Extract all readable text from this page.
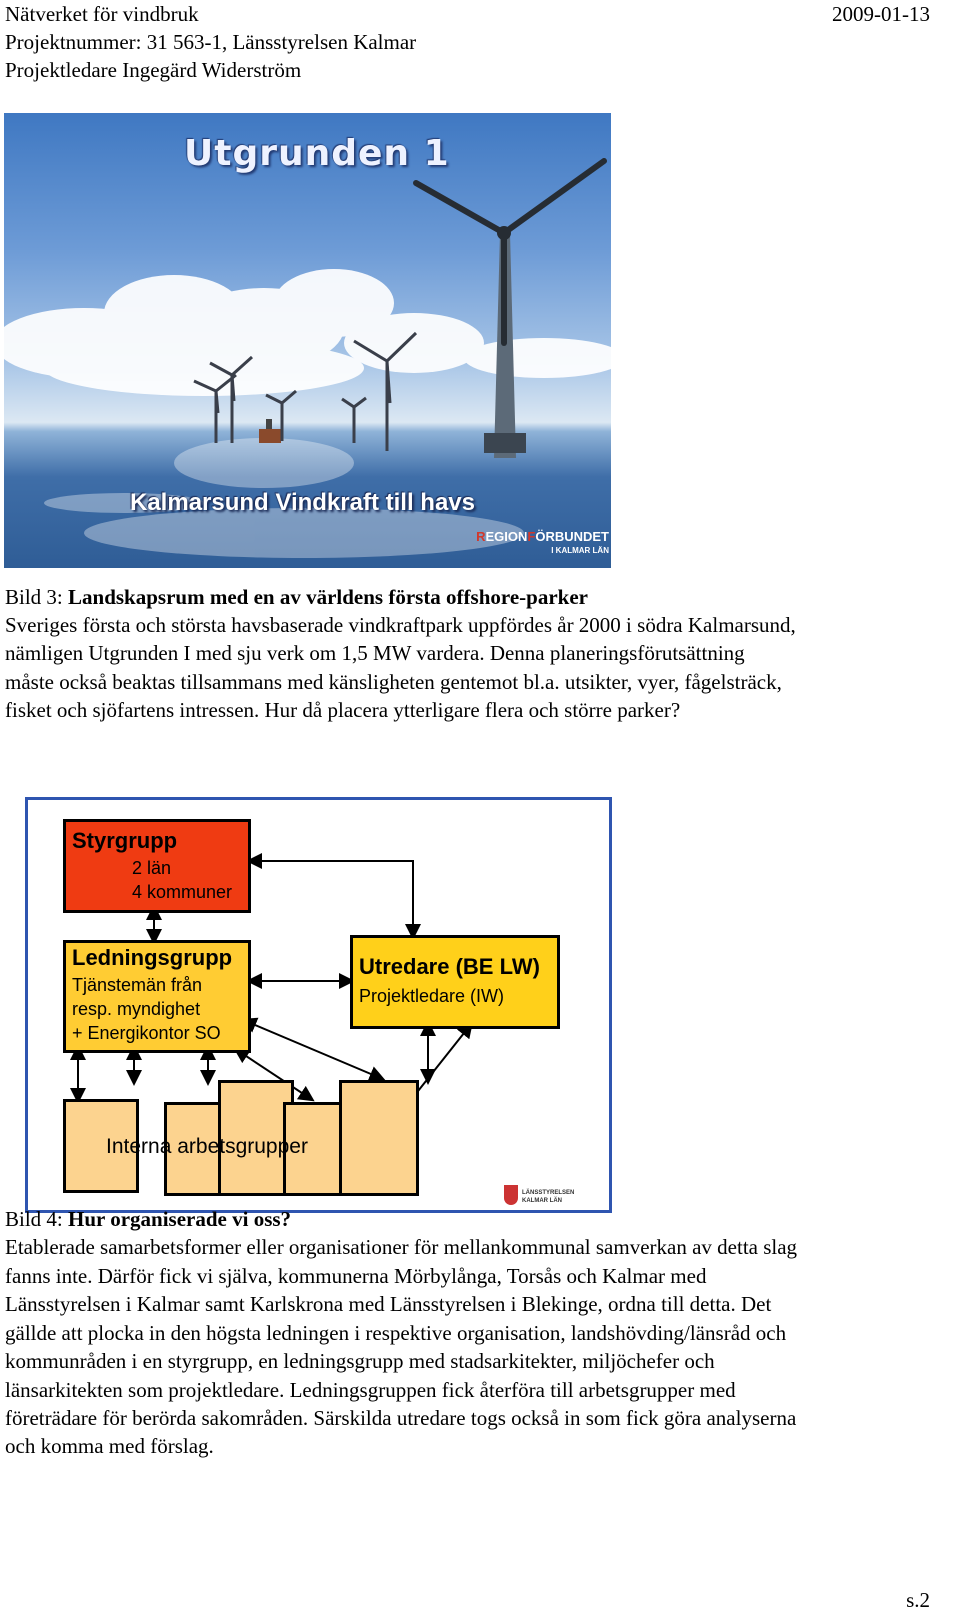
Nätverket för vindbruk	2009-01-13
Projektnummer: 31 563-1, Länsstyrelsen Kalmar
Projektledare Ingegärd Widerström
Utgrunden 1
Kalmarsund Vindkraft till havs
REGIONFÖRBUNDET
I KALMAR LÄN
Bild 3: Landskapsrum med en av världens första offshore-parker
Sveriges första och största havsbaserade vindkraftpark uppfördes år 2000 i södra Kalmarsund,
nämligen Utgrunden I med sju verk om 1,5 MW vardera. Denna planeringsförutsättning
måste också beaktas tillsammans med känsligheten gentemot bl.a. utsikter, vyer, fågelsträck,
fisket och sjöfartens intressen. Hur då placera ytterligare flera och större parker?
Interna arbetsgrupper
Styrgrupp
2 län
4 kommuner
Ledningsgrupp
Tjänstemän från
resp. myndighet
+ Energikontor SO
Utredare (BE LW)
Projektledare (IW)
LÄNSSTYRELSEN
KALMAR LÄN
Bild 4: Hur organiserade vi oss?
Etablerade samarbetsformer eller organisationer för mellankommunal samverkan av detta slag
fanns inte. Därför fick vi själva, kommunerna Mörbylånga, Torsås och Kalmar med
Länsstyrelsen i Kalmar samt Karlskrona med Länsstyrelsen i Blekinge, ordna till detta. Det
gällde att plocka in den högsta ledningen i respektive organisation, landshövding/länsråd och
kommunråden i en styrgrupp, en ledningsgrupp med stadsarkitekter, miljöchefer och
länsarkitekten som projektledare. Ledningsgruppen fick återföra till arbetsgrupper med
företrädare för berörda sakområden. Särskilda utredare togs också in som fick göra analyserna
och komma med förslag.
s.2
